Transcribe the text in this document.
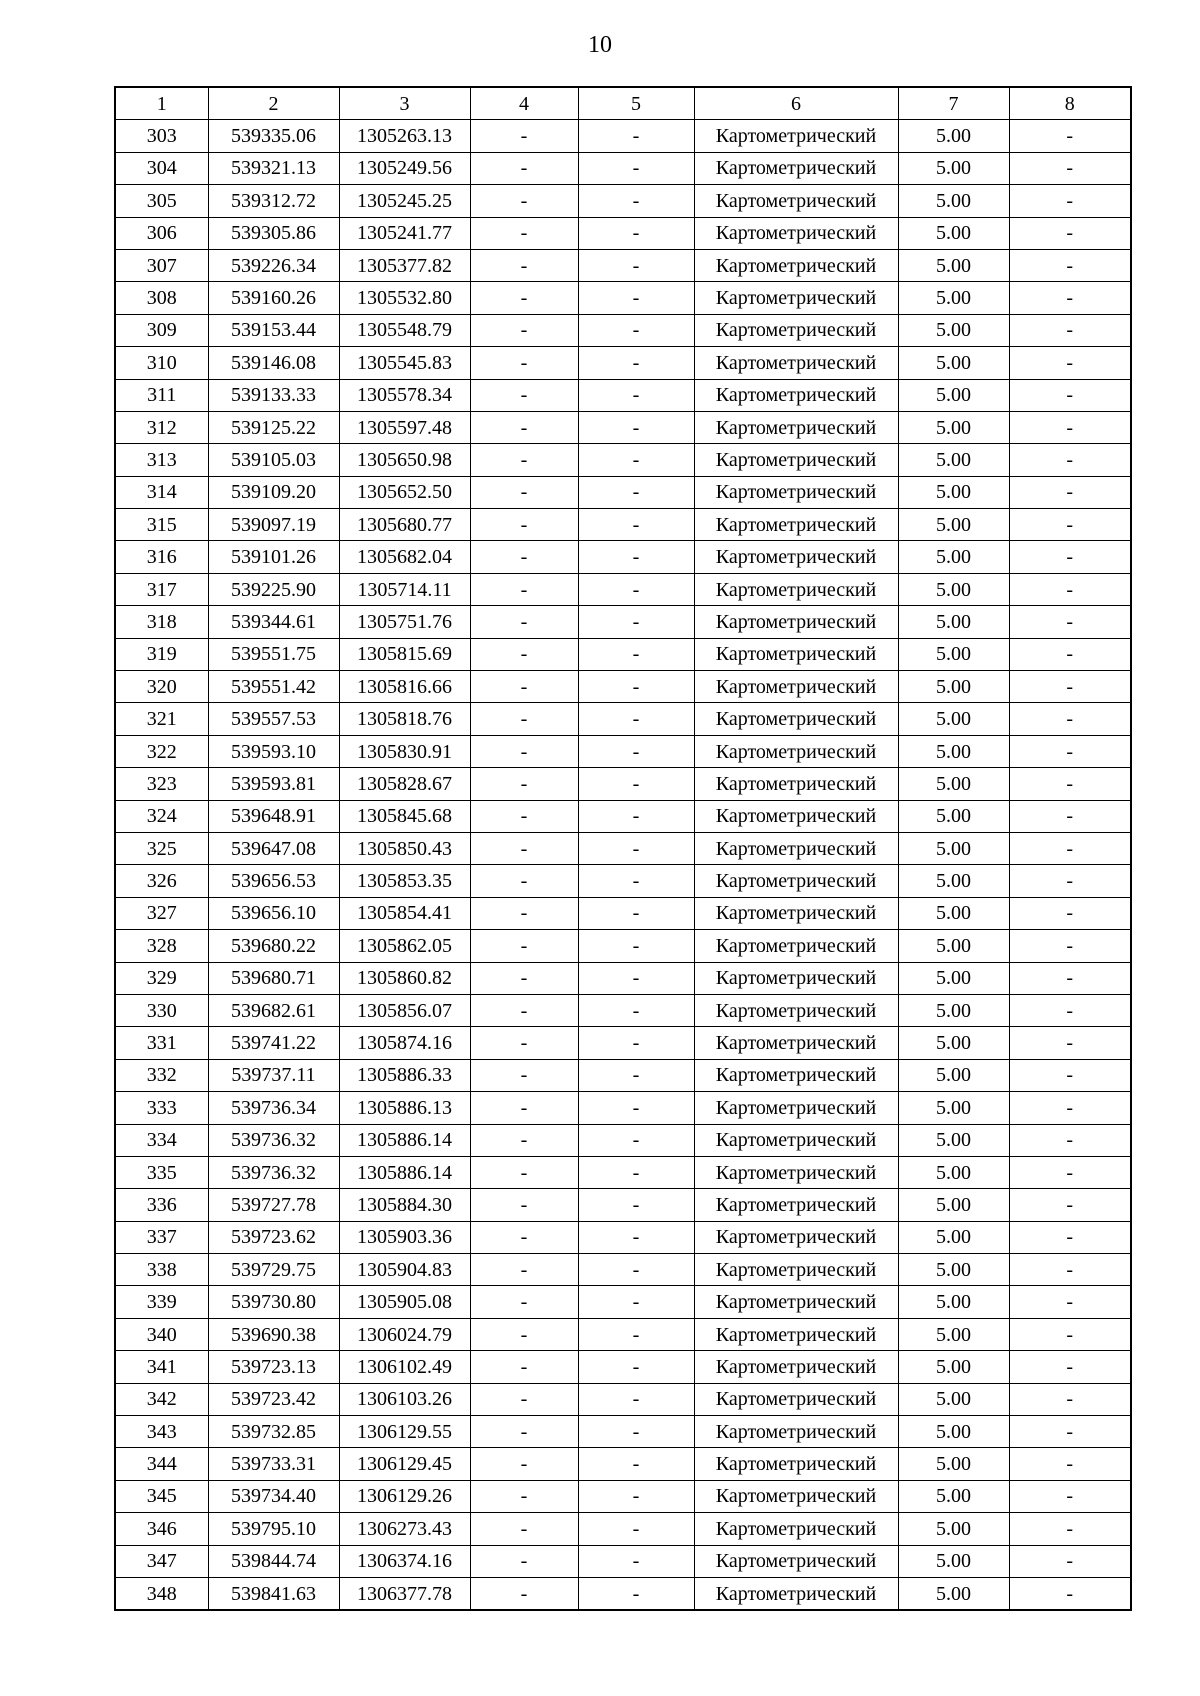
10
1	2	3	4	5	6	7	8
303	539335.06	1305263.13	-	-	Картометрический	5.00	-
304	539321.13	1305249.56	-	-	Картометрический	5.00	-
305	539312.72	1305245.25	-	-	Картометрический	5.00	-
306	539305.86	1305241.77	-	-	Картометрический	5.00	-
307	539226.34	1305377.82	-	-	Картометрический	5.00	-
308	539160.26	1305532.80	-	-	Картометрический	5.00	-
309	539153.44	1305548.79	-	-	Картометрический	5.00	-
310	539146.08	1305545.83	-	-	Картометрический	5.00	-
311	539133.33	1305578.34	-	-	Картометрический	5.00	-
312	539125.22	1305597.48	-	-	Картометрический	5.00	-
313	539105.03	1305650.98	-	-	Картометрический	5.00	-
314	539109.20	1305652.50	-	-	Картометрический	5.00	-
315	539097.19	1305680.77	-	-	Картометрический	5.00	-
316	539101.26	1305682.04	-	-	Картометрический	5.00	-
317	539225.90	1305714.11	-	-	Картометрический	5.00	-
318	539344.61	1305751.76	-	-	Картометрический	5.00	-
319	539551.75	1305815.69	-	-	Картометрический	5.00	-
320	539551.42	1305816.66	-	-	Картометрический	5.00	-
321	539557.53	1305818.76	-	-	Картометрический	5.00	-
322	539593.10	1305830.91	-	-	Картометрический	5.00	-
323	539593.81	1305828.67	-	-	Картометрический	5.00	-
324	539648.91	1305845.68	-	-	Картометрический	5.00	-
325	539647.08	1305850.43	-	-	Картометрический	5.00	-
326	539656.53	1305853.35	-	-	Картометрический	5.00	-
327	539656.10	1305854.41	-	-	Картометрический	5.00	-
328	539680.22	1305862.05	-	-	Картометрический	5.00	-
329	539680.71	1305860.82	-	-	Картометрический	5.00	-
330	539682.61	1305856.07	-	-	Картометрический	5.00	-
331	539741.22	1305874.16	-	-	Картометрический	5.00	-
332	539737.11	1305886.33	-	-	Картометрический	5.00	-
333	539736.34	1305886.13	-	-	Картометрический	5.00	-
334	539736.32	1305886.14	-	-	Картометрический	5.00	-
335	539736.32	1305886.14	-	-	Картометрический	5.00	-
336	539727.78	1305884.30	-	-	Картометрический	5.00	-
337	539723.62	1305903.36	-	-	Картометрический	5.00	-
338	539729.75	1305904.83	-	-	Картометрический	5.00	-
339	539730.80	1305905.08	-	-	Картометрический	5.00	-
340	539690.38	1306024.79	-	-	Картометрический	5.00	-
341	539723.13	1306102.49	-	-	Картометрический	5.00	-
342	539723.42	1306103.26	-	-	Картометрический	5.00	-
343	539732.85	1306129.55	-	-	Картометрический	5.00	-
344	539733.31	1306129.45	-	-	Картометрический	5.00	-
345	539734.40	1306129.26	-	-	Картометрический	5.00	-
346	539795.10	1306273.43	-	-	Картометрический	5.00	-
347	539844.74	1306374.16	-	-	Картометрический	5.00	-
348	539841.63	1306377.78	-	-	Картометрический	5.00	-
